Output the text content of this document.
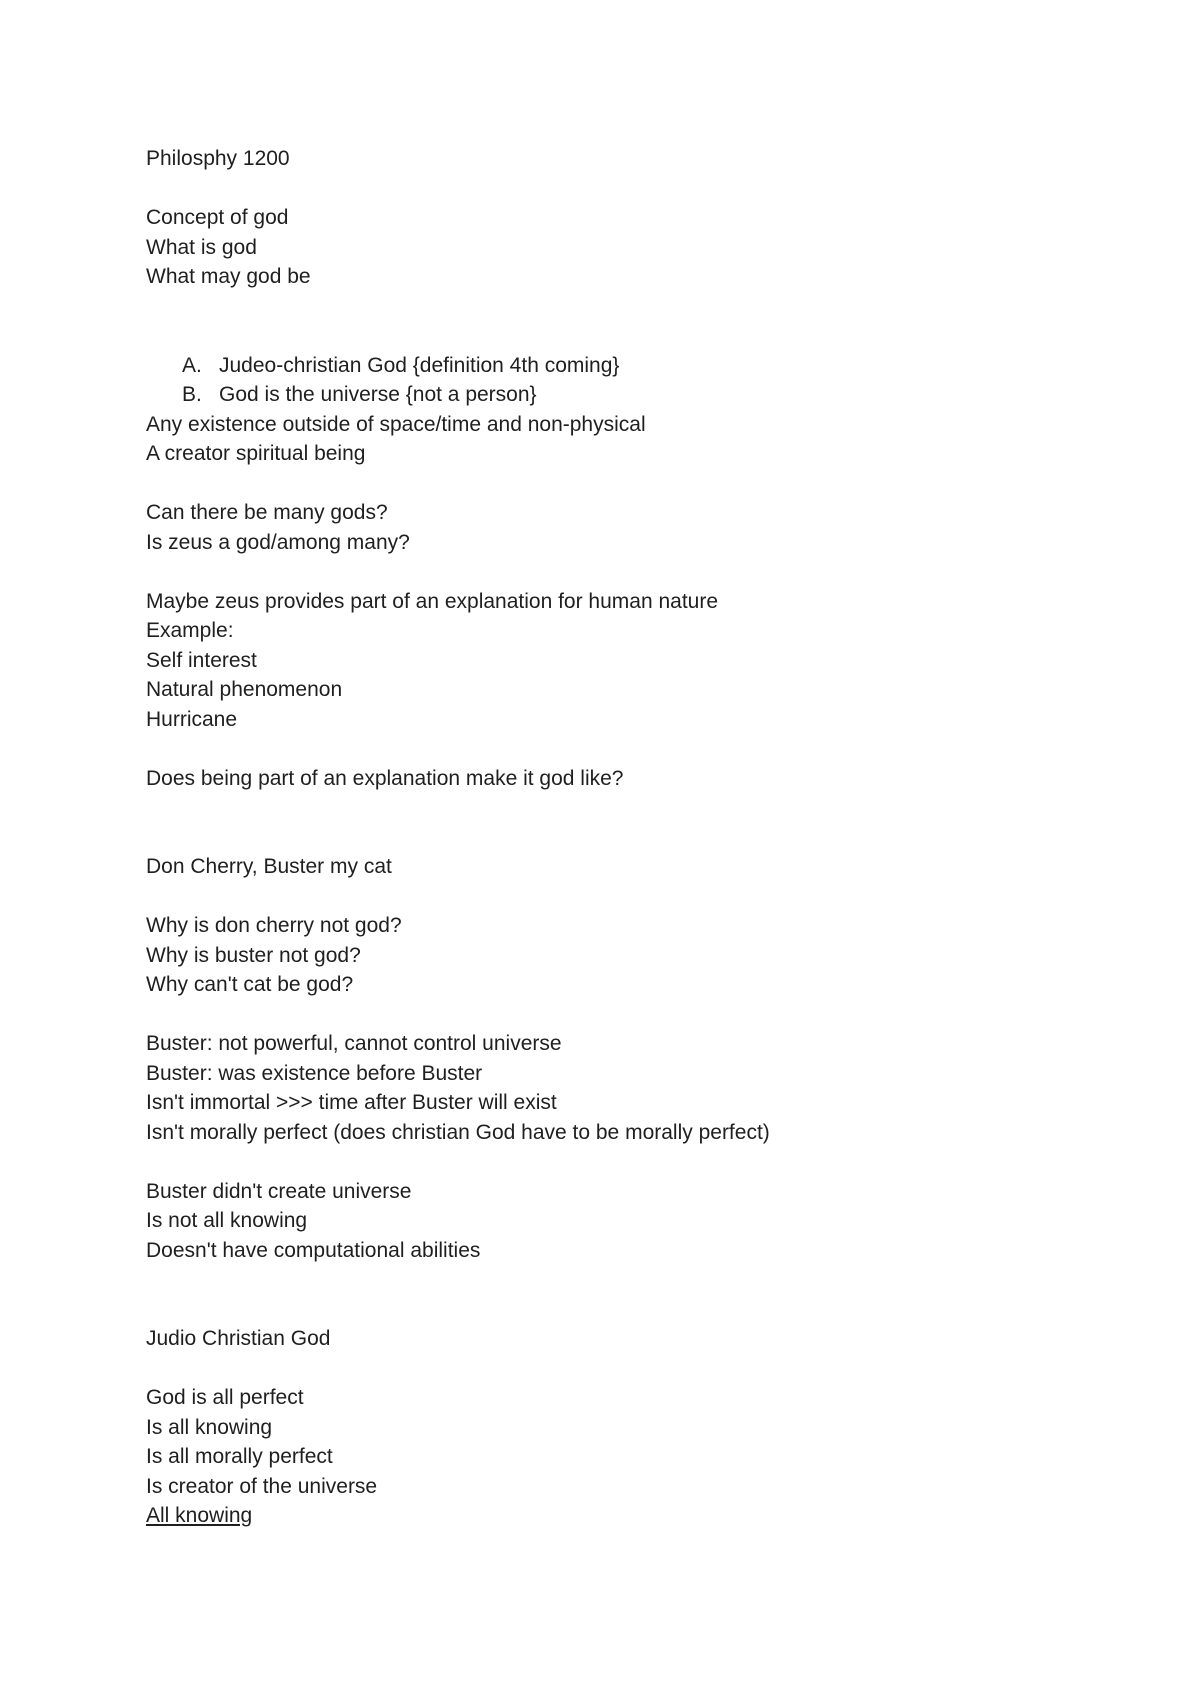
Philosphy 1200
Concept of god
What is god
What may god be
A. Judeo-christian God {definition 4th coming}
B. God is the universe {not a person}
Any existence outside of space/time and non-physical
A creator spiritual being
Can there be many gods?
Is zeus a god/among many?
Maybe zeus provides part of an explanation for human nature
Example:
Self interest
Natural phenomenon
Hurricane
Does being part of an explanation make it god like?
Don Cherry, Buster my cat
Why is don cherry not god?
Why is buster not god?
Why can't cat be god?
Buster: not powerful, cannot control universe
Buster: was existence before Buster
Isn't immortal >>> time after Buster will exist
Isn't morally perfect (does christian God have to be morally perfect)
Buster didn't create universe
Is not all knowing
Doesn't have computational abilities
Judio Christian God
God is all perfect
Is all knowing
Is all morally perfect
Is creator of the universe
All knowing
